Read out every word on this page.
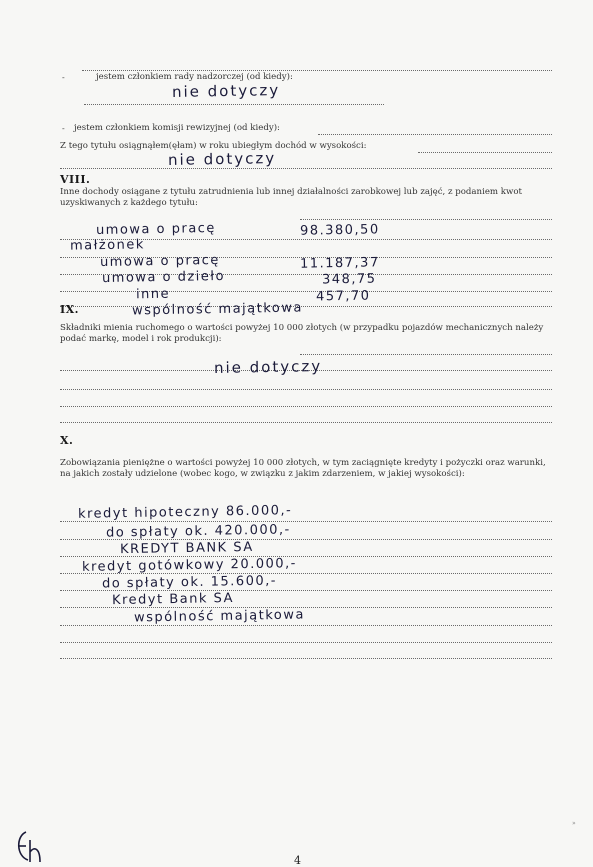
-	jestem członkiem rady nadzorczej (od kiedy):
nie dotyczy
- jestem członkiem komisji rewizyjnej (od kiedy):
Z tego tytułu osiągnąłem(ęłam) w roku ubiegłym dochód w wysokości:
nie dotyczy
VIII.
Inne dochody osiągane z tytułu zatrudnienia lub innej działalności zarobkowej lub zajęć, z podaniem kwot uzyskiwanych z każdego tytułu:
umowa o pracę	98.380,50
małżonek
umowa o pracę	11.187,37
umowa o dzieło	348,75
inne	457,70
IX.	wspólność majątkowa
Składniki mienia ruchomego o wartości powyżej 10 000 złotych (w przypadku pojazdów mechanicznych należy podać markę, model i rok produkcji):
nie dotyczy
X.
Zobowiązania pieniężne o wartości powyżej 10 000 złotych, w tym zaciągnięte kredyty i pożyczki oraz warunki, na jakich zostały udzielone (wobec kogo, w związku z jakim zdarzeniem, w jakiej wysokości):
kredyt hipoteczny 86.000,-
do spłaty ok. 420.000,-
KREDYT BANK SA
kredyt gotówkowy 20.000,-
do spłaty ok. 15.600,-
Kredyt Bank SA
wspólność majątkowa
4
»
